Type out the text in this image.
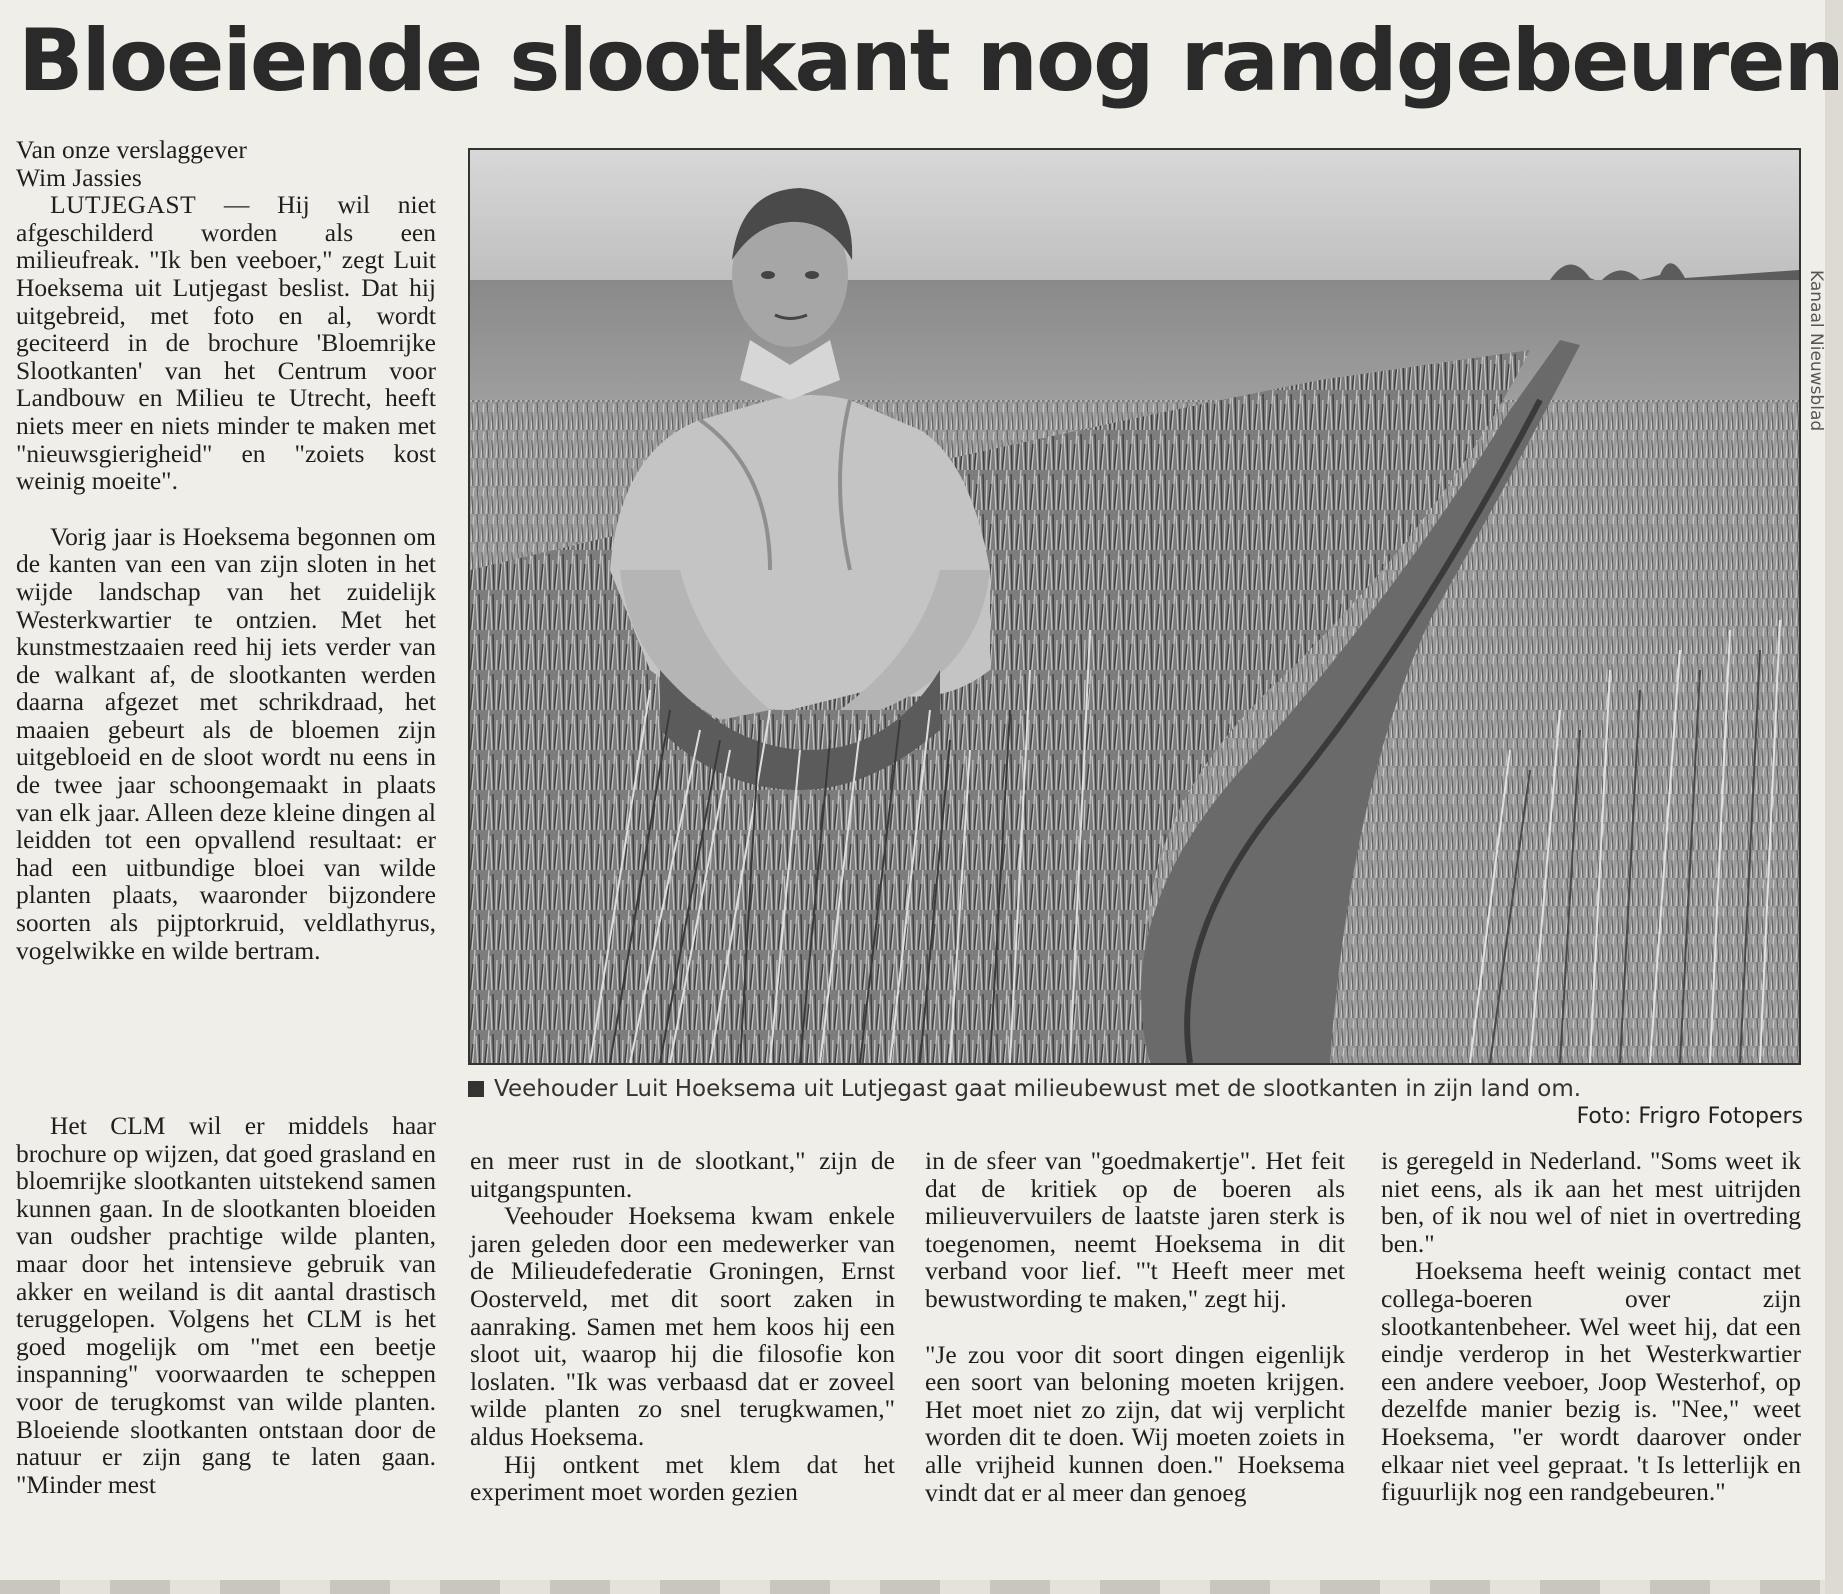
Bloeiende slootkant nog randgebeuren
Van onze verslaggever
Wim Jassies

LUTJEGAST — Hij wil niet afgeschilderd worden als een milieufreak. "Ik ben veeboer," zegt Luit Hoeksema uit Lutjegast beslist. Dat hij uitgebreid, met foto en al, wordt geciteerd in de brochure 'Bloemrijke Slootkanten' van het Centrum voor Landbouw en Milieu te Utrecht, heeft niets meer en niets minder te maken met "nieuwsgierigheid" en "zoiets kost weinig moeite".

Vorig jaar is Hoeksema begonnen om de kanten van een van zijn sloten in het wijde landschap van het zuidelijk Westerkwartier te ontzien. Met het kunstmestzaaien reed hij iets verder van de walkant af, de slootkanten werden daarna afgezet met schrikdraad, het maaien gebeurt als de bloemen zijn uitgebloeid en de sloot wordt nu eens in de twee jaar schoongemaakt in plaats van elk jaar. Alleen deze kleine dingen al leidden tot een opvallend resultaat: er had een uitbundige bloei van wilde planten plaats, waaronder bijzondere soorten als pijptorkruid, veldlathyrus, vogelwikke en wilde bertram.

Veehouder Luit Hoeksema uit Lutjegast gaat milieubewust met de slootkanten in zijn land om.
Foto: Frigro Fotopers
Kanaal Nieuwsblad

Het CLM wil er middels haar brochure op wijzen, dat goed grasland en bloemrijke slootkanten uitstekend samen kunnen gaan. In de slootkanten bloeiden van oudsher prachtige wilde planten, maar door het intensieve gebruik van akker en weiland is dit aantal drastisch teruggelopen. Volgens het CLM is het goed mogelijk om "met een beetje inspanning" voorwaarden te scheppen voor de terugkomst van wilde planten. Bloeiende slootkanten ontstaan door de natuur er zijn gang te laten gaan. "Minder mest

en meer rust in de slootkant," zijn de uitgangspunten.

Veehouder Hoeksema kwam enkele jaren geleden door een medewerker van de Milieudefederatie Groningen, Ernst Oosterveld, met dit soort zaken in aanraking. Samen met hem koos hij een sloot uit, waarop hij die filosofie kon loslaten. "Ik was verbaasd dat er zoveel wilde planten zo snel terugkwamen," aldus Hoeksema.

Hij ontkent met klem dat het experiment moet worden gezien

in de sfeer van "goedmakertje". Het feit dat de kritiek op de boeren als milieuvervuilers de laatste jaren sterk is toegenomen, neemt Hoeksema in dit verband voor lief. "'t Heeft meer met bewustwording te maken," zegt hij.

"Je zou voor dit soort dingen eigenlijk een soort van beloning moeten krijgen. Het moet niet zo zijn, dat wij verplicht worden dit te doen. Wij moeten zoiets in alle vrijheid kunnen doen." Hoeksema vindt dat er al meer dan genoeg

is geregeld in Nederland. "Soms weet ik niet eens, als ik aan het mest uitrijden ben, of ik nou wel of niet in overtreding ben."

Hoeksema heeft weinig contact met collega-boeren over zijn slootkantenbeheer. Wel weet hij, dat een eindje verderop in het Westerkwartier een andere veeboer, Joop Westerhof, op dezelfde manier bezig is. "Nee," weet Hoeksema, "er wordt daarover onder elkaar niet veel gepraat. 't Is letterlijk en figuurlijk nog een randgebeuren."
